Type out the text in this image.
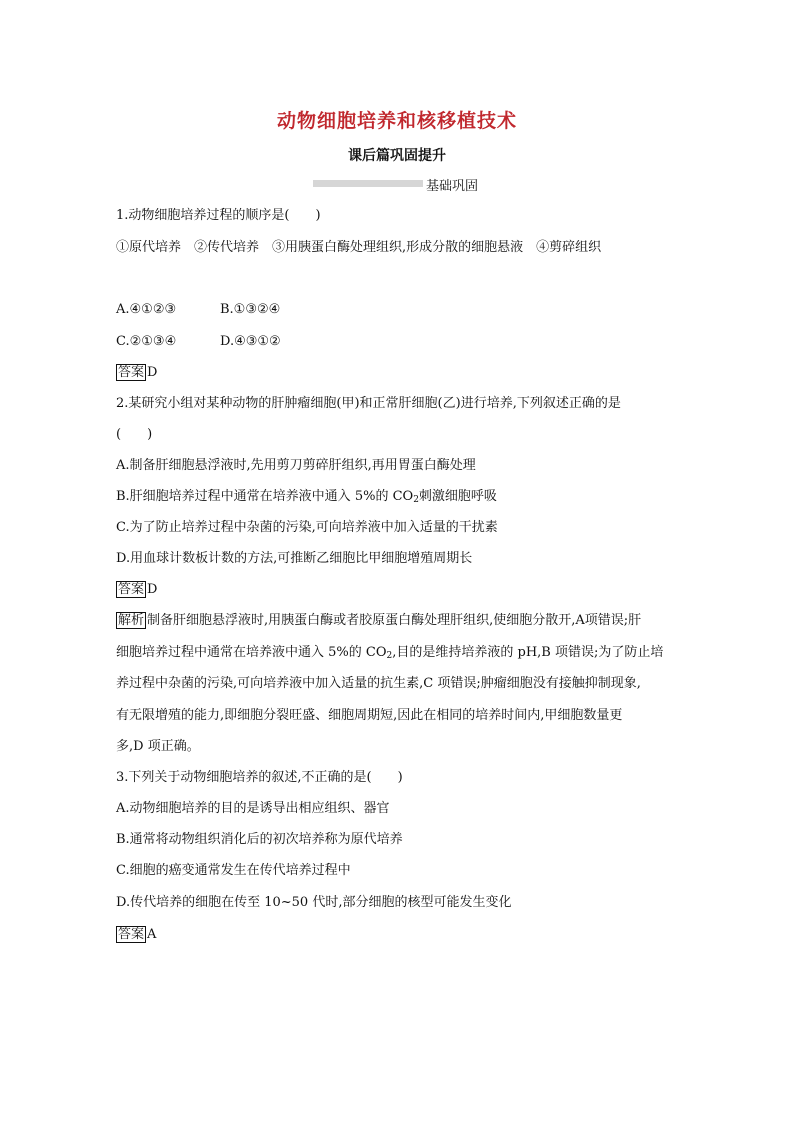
动物细胞培养和核移植技术
课后篇巩固提升
基础巩固
1.动物细胞培养过程的顺序是(　　)
①原代培养　②传代培养　③用胰蛋白酶处理组织,形成分散的细胞悬液　④剪碎组织
A.④①②③	B.①③②④
C.②①③④	D.④③①②
答案 D
2.某研究小组对某种动物的肝肿瘤细胞(甲)和正常肝细胞(乙)进行培养,下列叙述正确的是
(　　)
A.制备肝细胞悬浮液时,先用剪刀剪碎肝组织,再用胃蛋白酶处理
B.肝细胞培养过程中通常在培养液中通入 5%的 $CO_2$刺激细胞呼吸
C.为了防止培养过程中杂菌的污染,可向培养液中加入适量的干扰素
D.用血球计数板计数的方法,可推断乙细胞比甲细胞增殖周期长
答案 D
解析 制备肝细胞悬浮液时,用胰蛋白酶或者胶原蛋白酶处理肝组织,使细胞分散开,A项错误;肝
细胞培养过程中通常在培养液中通入 5%的 $CO_2$,目的是维持培养液的 pH,B 项错误;为了防止培
养过程中杂菌的污染,可向培养液中加入适量的抗生素,C 项错误;肿瘤细胞没有接触抑制现象,
有无限增殖的能力,即细胞分裂旺盛、细胞周期短,因此在相同的培养时间内,甲细胞数量更
多,D 项正确。
3.下列关于动物细胞培养的叙述,不正确的是(　　)
A.动物细胞培养的目的是诱导出相应组织、器官
B.通常将动物组织消化后的初次培养称为原代培养
C.细胞的癌变通常发生在传代培养过程中
D.传代培养的细胞在传至 10~50 代时,部分细胞的核型可能发生变化
答案 A
